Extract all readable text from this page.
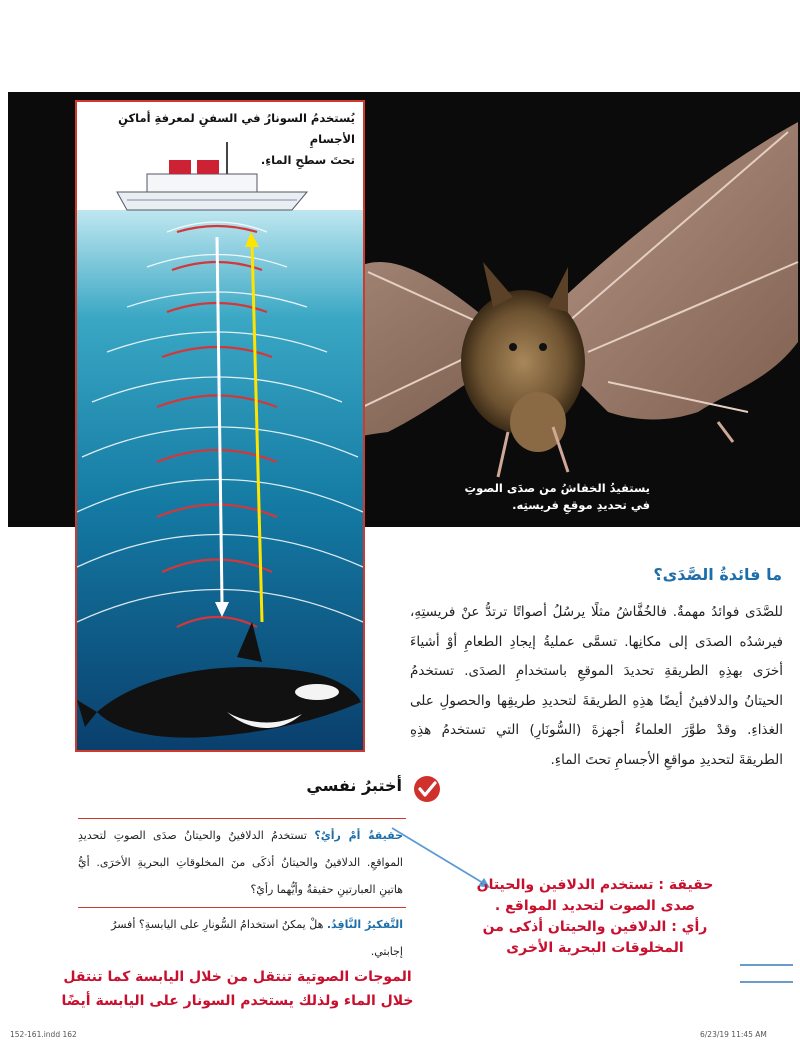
يستفيدُ الخفاشُ من صدَى الصوتِ
في تحديدِ موقعِ فريستِه.
يُستخدمُ السونارُ في السفنِ لمعرفةِ أماكنِ الأجسامِ
تحتَ سطحِ الماءِ.
ما فائدةُ الصَّدَى؟
للصَّدَى فوائدُ مهمةٌ. فالخُفَّاشُ مثلًا يرسُلُ أصواتًا ترتدُّ عنْ فريستِهِ، فيرشدُه الصدَى إلى مكانِها. تسمَّى عمليةُ إيجادِ الطعامِ أوْ أشياءَ أخرَى بهذِهِ الطريقةِ تحديدَ الموقعِ باستخدامِ الصدَى. تستخدمُ الحيتانُ والدلافينُ أيضًا هذِهِ الطريقةَ لتحديدِ طريقِها والحصولِ على الغذاءِ. وقدْ طوَّرَ العلماءُ أجهزةَ (السُّونَارِ) التي تستخدمُ هذِهِ الطريقةَ لتحديدِ مواقعِ الأجسامِ تحتَ الماءِ.
أختبرُ نفسي
حقيقةٌ أمْ رأيٌ؟ تستخدمُ الدلافينُ والحيتانُ صدَى الصوتِ لتحديدِ المواقعِ. الدلافينُ والحيتانُ أذكَى منَ المخلوقاتِ البحريةِ الأخرَى. أيُّ هاتينِ العبارتينِ حقيقةٌ وأيُّهما رأيٌ؟
التَّفكيرُ النَّاقِدُ. هلْ يمكنُ استخدامُ السُّونارِ على اليابسةِ؟ أفسرُ إجابتي.
حقيقة : تستخدم الدلافين والحيتان
صدى الصوت لتحديد المواقع .
رأي : الدلافين والحيتان أذكى من
المخلوقات البحرية الأخرى
الموجات الصوتية تنتقل من خلال اليابسة كما تنتقل
خلال الماء ولذلك يستخدم السونار على اليابسة أيضًا
152-161.indd 162	6/23/19 11:45 AM
